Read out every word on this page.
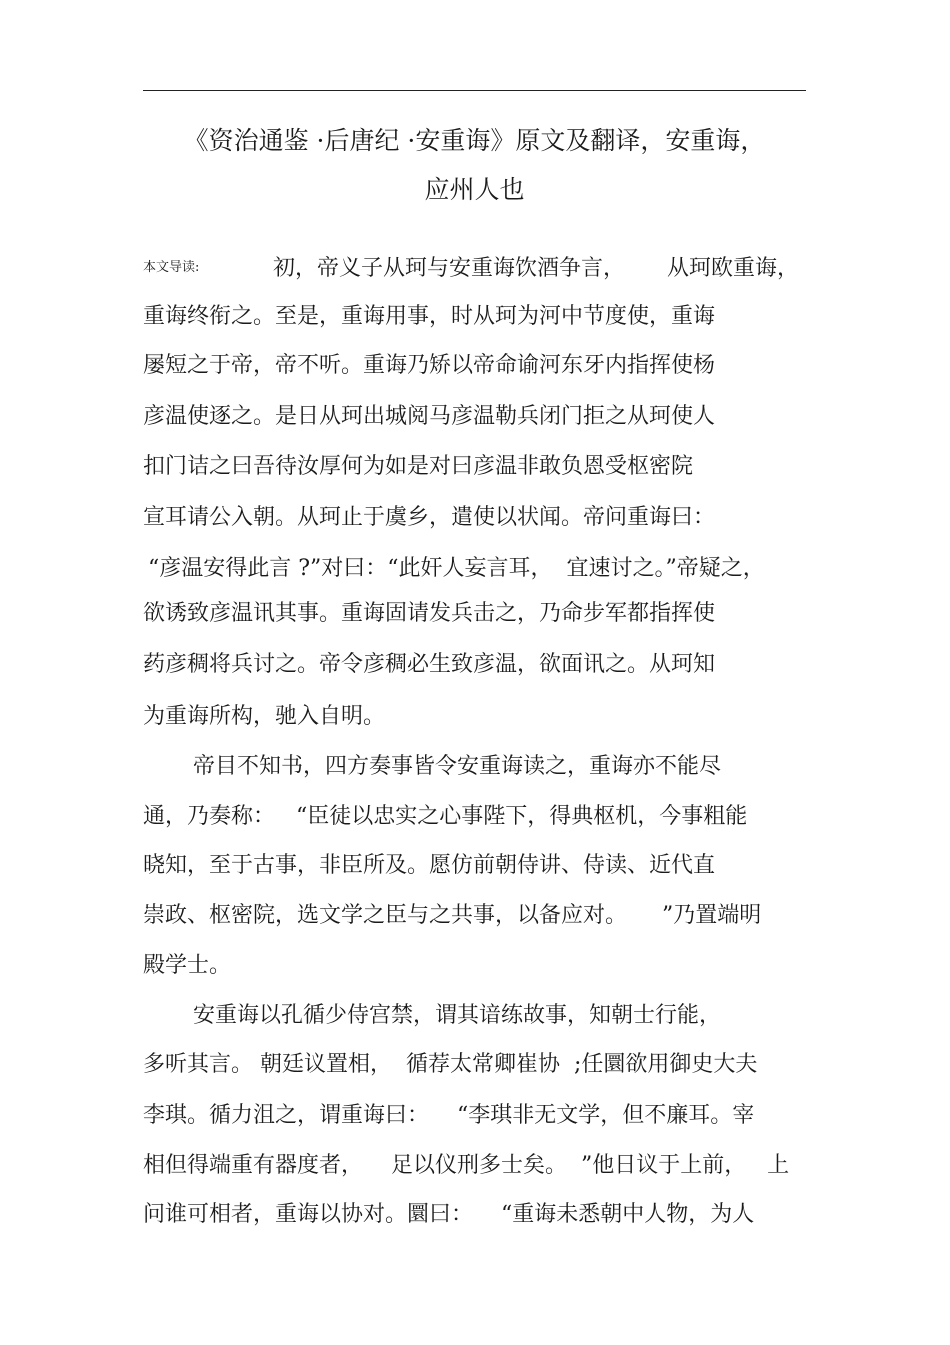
《资治通鉴 ·后唐纪 ·安重诲》原文及翻译，安重诲，
应州人也
本文导读:	初，帝义子从珂与安重诲饮酒争言，      从珂欧重诲，
重诲终衔之。至是，重诲用事，时从珂为河中节度使，重诲
屡短之于帝，帝不听。重诲乃矫以帝命谕河东牙内指挥使杨
彦温使逐之。是日从珂出城阅马彦温勒兵闭门拒之从珂使人
扣门诘之曰吾待汝厚何为如是对曰彦温非敢负恩受枢密院
宣耳请公入朝。从珂止于虞乡，遣使以状闻。帝问重诲曰：
“彦温安得此言 ?”对曰：“此奸人妄言耳，  宜速讨之。”帝疑之，
欲诱致彦温讯其事。重诲固请发兵击之，乃命步军都指挥使
药彦稠将兵讨之。帝令彦稠必生致彦温，欲面讯之。从珂知
为重诲所构，驰入自明。
帝目不知书，四方奏事皆令安重诲读之，重诲亦不能尽
通，乃奏称：   “臣徒以忠实之心事陛下，得典枢机，今事粗能
晓知，至于古事，非臣所及。愿仿前朝侍讲、侍读、近代直
崇政、枢密院，选文学之臣与之共事，以备应对。     ”乃置端明
殿学士。
安重诲以孔循少侍宫禁，谓其谙练故事，知朝士行能，
多听其言。 朝廷议置相，  循荐太常卿崔协  ;任圜欲用御史大夫
李琪。循力沮之，谓重诲曰：    “李琪非无文学，但不廉耳。宰
相但得端重有器度者，    足以仪刑多士矣。  ”他日议于上前，   上
问谁可相者，重诲以协对。圜曰：    “重诲未悉朝中人物，为人
